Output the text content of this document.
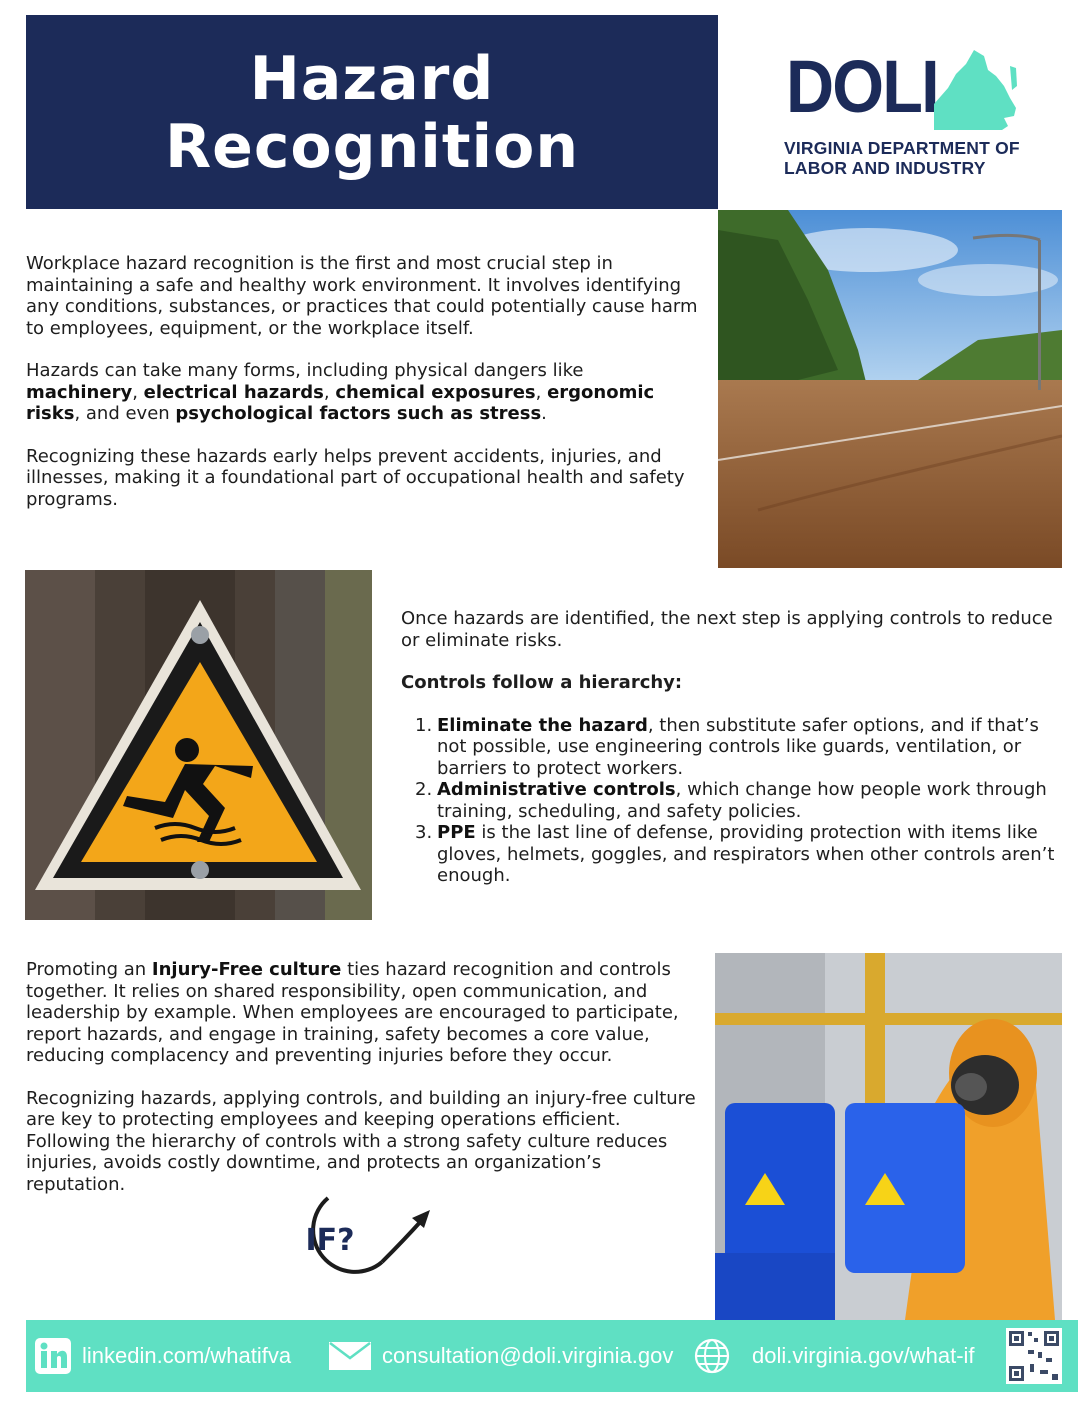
Hazard
Recognition
DOLI
VIRGINIA DEPARTMENT OF
LABOR AND INDUSTRY

Workplace hazard recognition is the first and most crucial step in maintaining a safe and healthy work environment. It involves identifying any conditions, substances, or practices that could potentially cause harm to employees, equipment, or the workplace itself.

Hazards can take many forms, including physical dangers like machinery, electrical hazards, chemical exposures, ergonomic risks, and even psychological factors such as stress.

Recognizing these hazards early helps prevent accidents, injuries, and illnesses, making it a foundational part of occupational health and safety programs.

Once hazards are identified, the next step is applying controls to reduce or eliminate risks.

Controls follow a hierarchy:

1. Eliminate the hazard, then substitute safer options, and if that’s not possible, use engineering controls like guards, ventilation, or barriers to protect workers.
2. Administrative controls, which change how people work through training, scheduling, and safety policies.
3. PPE is the last line of defense, providing protection with items like gloves, helmets, goggles, and respirators when other controls aren’t enough.

Promoting an Injury-Free culture ties hazard recognition and controls together. It relies on shared responsibility, open communication, and leadership by example. When employees are encouraged to participate, report hazards, and engage in training, safety becomes a core value, reducing complacency and preventing injuries before they occur.

Recognizing hazards, applying controls, and building an injury-free culture are key to protecting employees and keeping operations efficient. Following the hierarchy of controls with a strong safety culture reduces injuries, avoids costly downtime, and protects an organization’s reputation.

IF?
linkedin.com/whatifva	consultation@doli.virginia.gov	doli.virginia.gov/what-if
